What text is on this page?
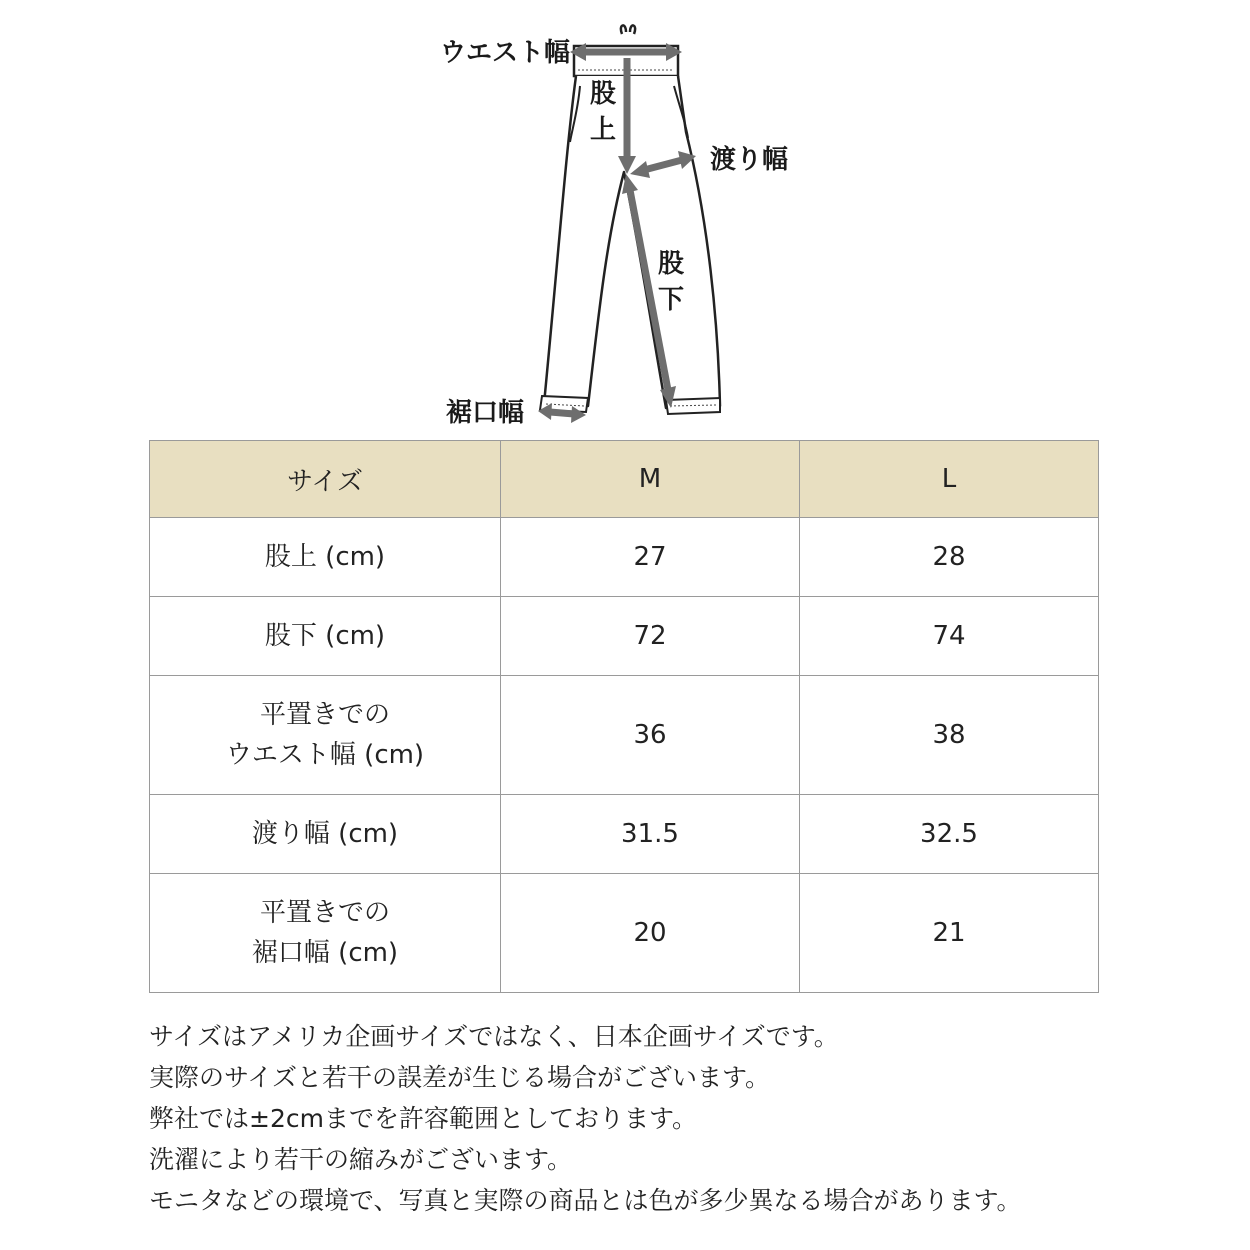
ウエスト幅
股上
渡り幅
股下
裾口幅
サイズ	M	L
股上 (cm)	27	28
股下 (cm)	72	74
平置きでの
ウエスト幅 (cm)	36	38
渡り幅 (cm)	31.5	32.5
平置きでの
裾口幅 (cm)	20	21

サイズはアメリカ企画サイズではなく、日本企画サイズです。

実際のサイズと若干の誤差が生じる場合がございます。

弊社では±2cmまでを許容範囲としております。

洗濯により若干の縮みがございます。

モニタなどの環境で、写真と実際の商品とは色が多少異なる場合があります。
